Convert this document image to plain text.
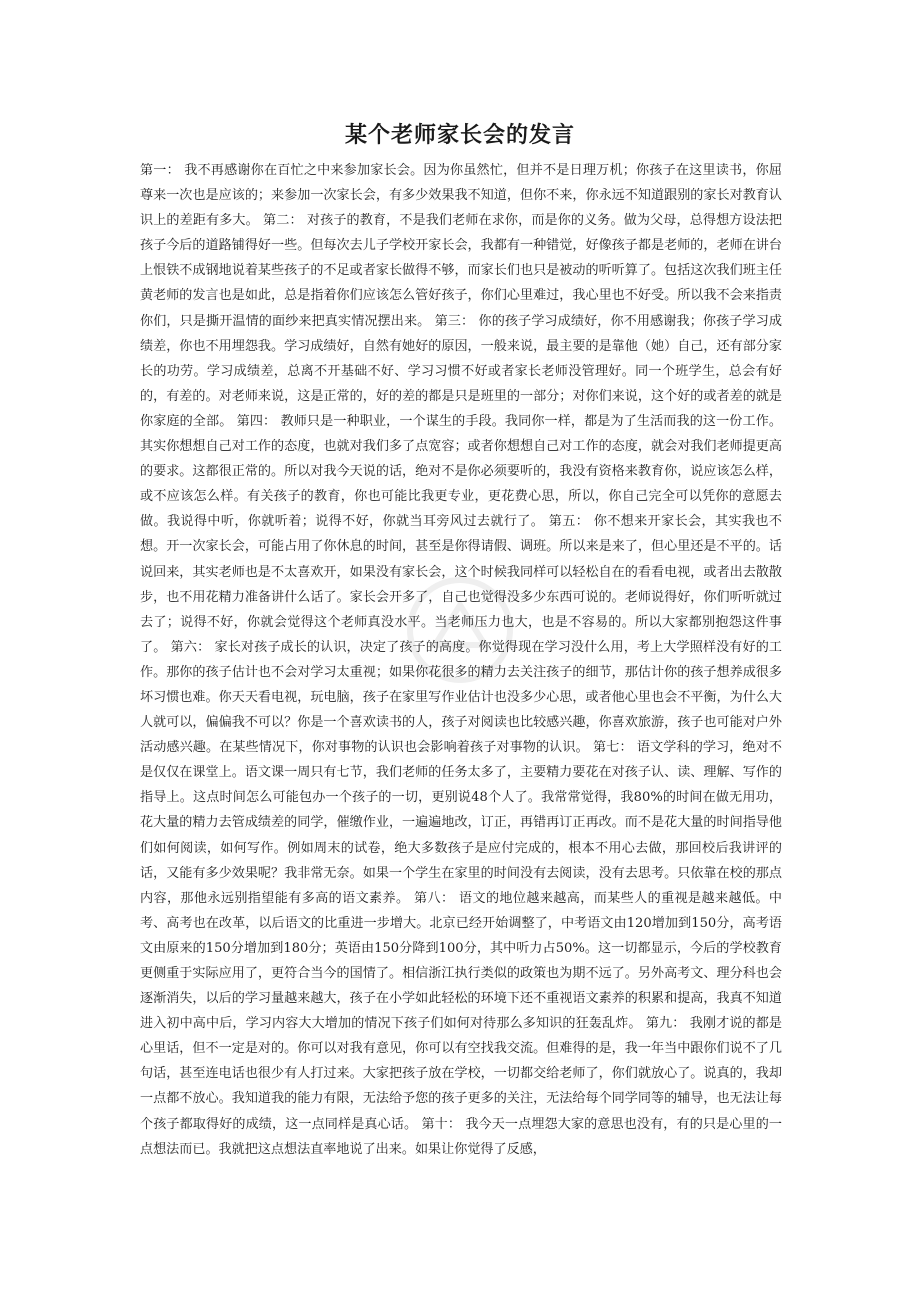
某个老师家长会的发言

第一： 我不再感谢你在百忙之中来参加家长会。因为你虽然忙，但并不是日理万机；你孩子在这里读书，你屈尊来一次也是应该的；来参加一次家长会，有多少效果我不知道，但你不来，你永远不知道跟别的家长对教育认识上的差距有多大。 第二： 对孩子的教育，不是我们老师在求你，而是你的义务。做为父母，总得想方设法把孩子今后的道路铺得好一些。但每次去儿子学校开家长会，我都有一种错觉，好像孩子都是老师的，老师在讲台上恨铁不成钢地说着某些孩子的不足或者家长做得不够，而家长们也只是被动的听听算了。包括这次我们班主任黄老师的发言也是如此，总是指着你们应该怎么管好孩子，你们心里难过，我心里也不好受。所以我不会来指责你们，只是撕开温情的面纱来把真实情况摆出来。 第三： 你的孩子学习成绩好，你不用感谢我；你孩子学习成绩差，你也不用埋怨我。学习成绩好，自然有她好的原因，一般来说，最主要的是靠他（她）自己，还有部分家长的功劳。学习成绩差，总离不开基础不好、学习习惯不好或者家长老师没管理好。同一个班学生，总会有好的，有差的。对老师来说，这是正常的，好的差的都是只是班里的一部分；对你们来说，这个好的或者差的就是你家庭的全部。 第四： 教师只是一种职业，一个谋生的手段。我同你一样，都是为了生活而我的这一份工作。其实你想想自己对工作的态度，也就对我们多了点宽容；或者你想想自己对工作的态度，就会对我们老师提更高的要求。这都很正常的。所以对我今天说的话，绝对不是你必须要听的，我没有资格来教育你，说应该怎么样，或不应该怎么样。有关孩子的教育，你也可能比我更专业，更花费心思，所以，你自己完全可以凭你的意愿去做。我说得中听，你就听着；说得不好，你就当耳旁风过去就行了。 第五： 你不想来开家长会，其实我也不想。开一次家长会，可能占用了你休息的时间，甚至是你得请假、调班。所以来是来了，但心里还是不平的。话说回来，其实老师也是不太喜欢开，如果没有家长会，这个时候我同样可以轻松自在的看看电视，或者出去散散步，也不用花精力准备讲什么话了。家长会开多了，自己也觉得没多少东西可说的。老师说得好，你们听听就过去了；说得不好，你就会觉得这个老师真没水平。当老师压力也大，也是不容易的。所以大家都别抱怨这件事了。 第六： 家长对孩子成长的认识，决定了孩子的高度。你觉得现在学习没什么用，考上大学照样没有好的工作。那你的孩子估计也不会对学习太重视；如果你花很多的精力去关注孩子的细节，那估计你的孩子想养成很多坏习惯也难。你天天看电视，玩电脑，孩子在家里写作业估计也没多少心思，或者他心里也会不平衡，为什么大人就可以，偏偏我不可以？你是一个喜欢读书的人，孩子对阅读也比较感兴趣，你喜欢旅游，孩子也可能对户外活动感兴趣。在某些情况下，你对事物的认识也会影响着孩子对事物的认识。 第七： 语文学科的学习，绝对不是仅仅在课堂上。语文课一周只有七节，我们老师的任务太多了，主要精力要花在对孩子认、读、理解、写作的指导上。这点时间怎么可能包办一个孩子的一切，更别说48个人了。我常常觉得，我80%的时间在做无用功，花大量的精力去管成绩差的同学，催缴作业，一遍遍地改，订正，再错再订正再改。而不是花大量的时间指导他们如何阅读，如何写作。例如周末的试卷，绝大多数孩子是应付完成的，根本不用心去做，那回校后我讲评的话，又能有多少效果呢？我非常无奈。如果一个学生在家里的时间没有去阅读，没有去思考。只依靠在校的那点内容，那他永远别指望能有多高的语文素养。 第八： 语文的地位越来越高，而某些人的重视是越来越低。中考、高考也在改革，以后语文的比重进一步增大。北京已经开始调整了，中考语文由120增加到150分，高考语文由原来的150分增加到180分；英语由150分降到100分，其中听力占50%。这一切都显示，今后的学校教育更侧重于实际应用了，更符合当今的国情了。相信浙江执行类似的政策也为期不远了。另外高考文、理分科也会逐渐消失，以后的学习量越来越大，孩子在小学如此轻松的环境下还不重视语文素养的积累和提高，我真不知道进入初中高中后，学习内容大大增加的情况下孩子们如何对待那么多知识的狂轰乱炸。 第九： 我刚才说的都是心里话，但不一定是对的。你可以对我有意见，你可以有空找我交流。但难得的是，我一年当中跟你们说不了几句话，甚至连电话也很少有人打过来。大家把孩子放在学校，一切都交给老师了，你们就放心了。说真的，我却一点都不放心。我知道我的能力有限，无法给予您的孩子更多的关注，无法给每个同学同等的辅导，也无法让每个孩子都取得好的成绩，这一点同样是真心话。 第十： 我今天一点埋怨大家的意思也没有，有的只是心里的一点想法而已。我就把这点想法直率地说了出来。如果让你觉得了反感，
